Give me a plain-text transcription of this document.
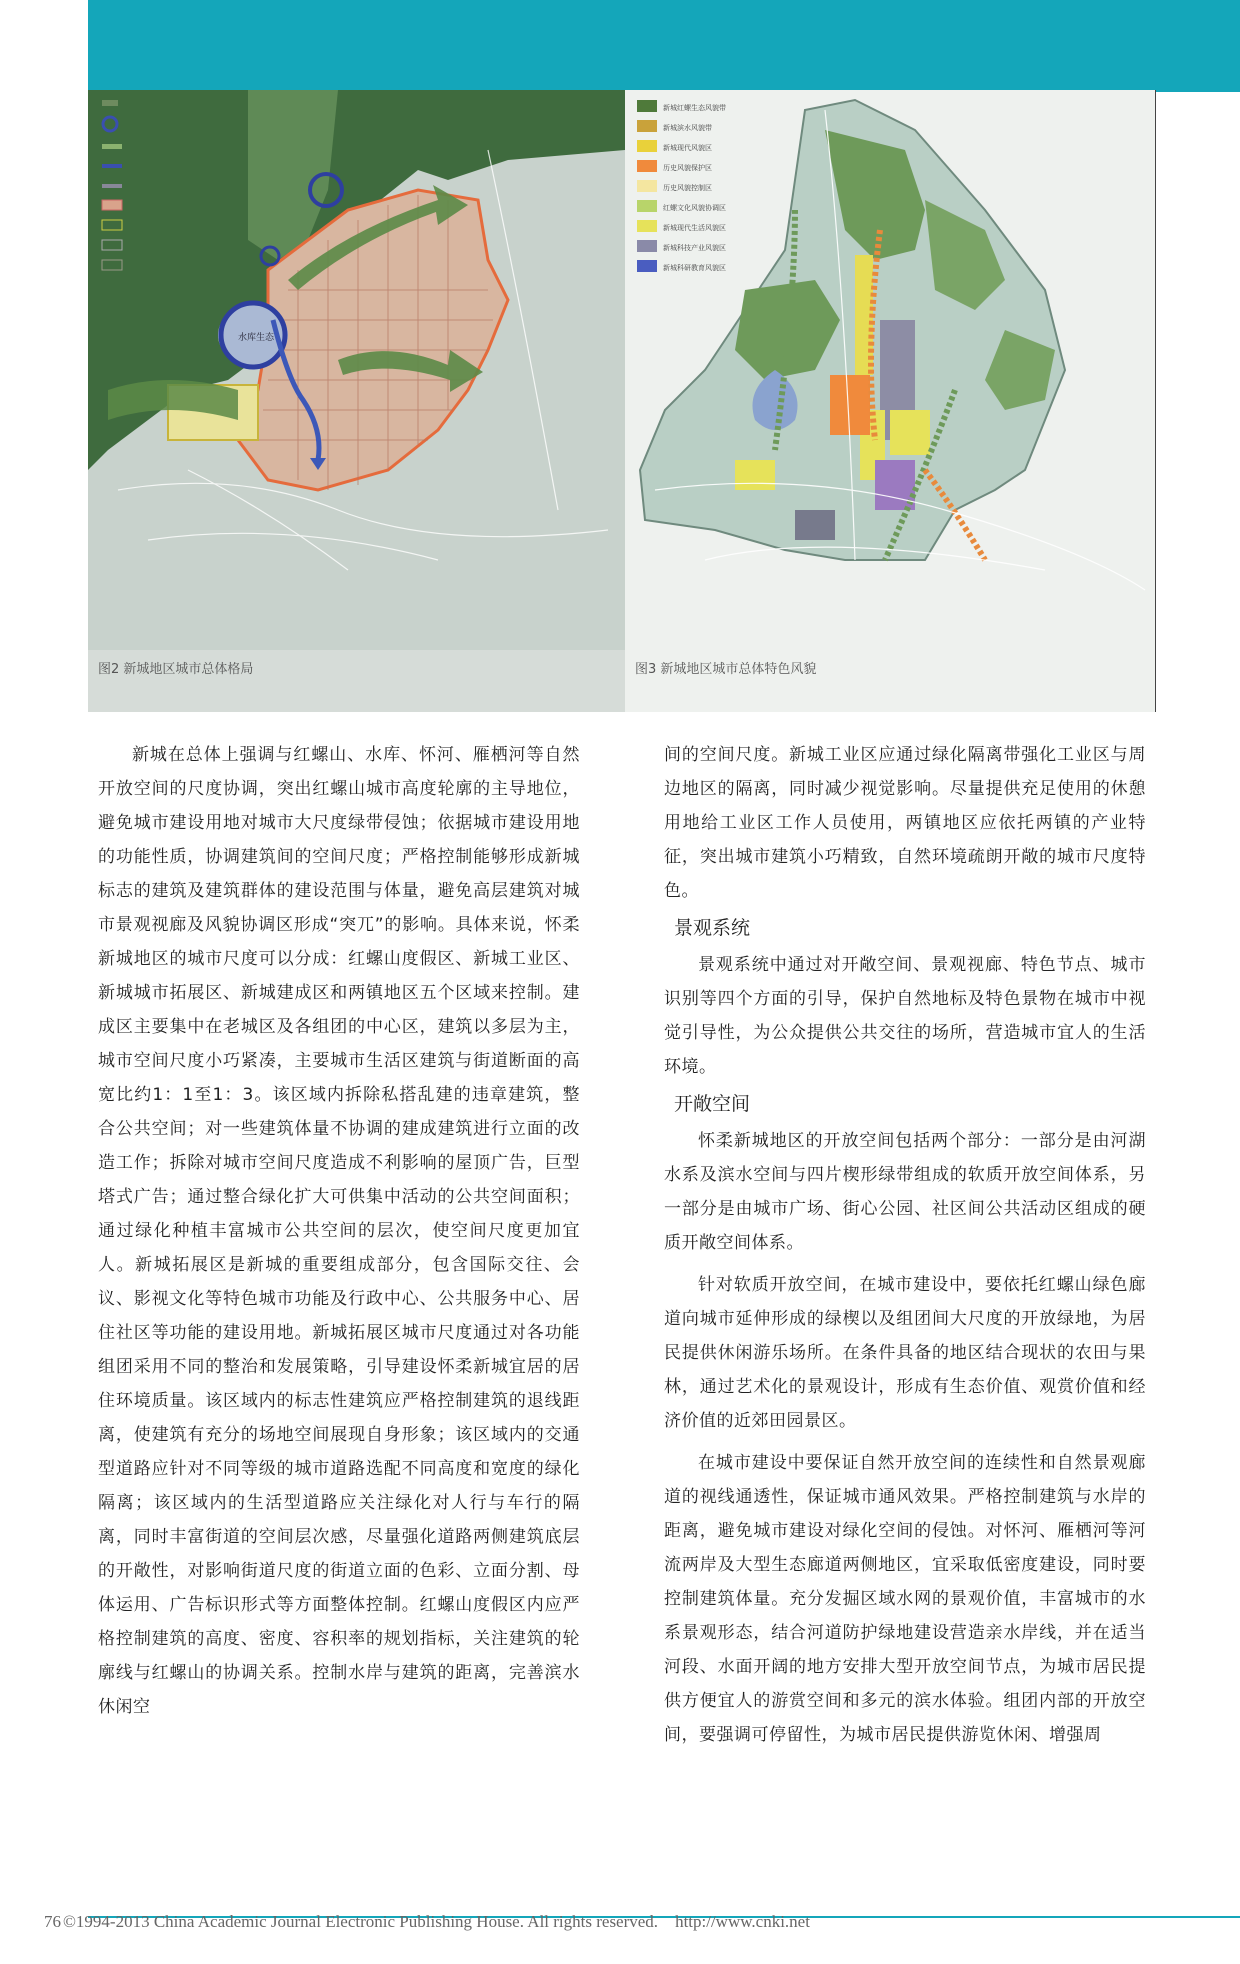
水库生态
图2 新城地区城市总体格局
新城红螺生态风貌带
新城滨水风貌带
新城现代风貌区
历史风貌保护区
历史风貌控制区
红螺文化风貌协调区
新城现代生活风貌区
新城科技产业风貌区
新城科研教育风貌区
图3 新城地区城市总体特色风貌

新城在总体上强调与红螺山、水库、怀河、雁栖河等自然开放空间的尺度协调，突出红螺山城市高度轮廓的主导地位，避免城市建设用地对城市大尺度绿带侵蚀；依据城市建设用地的功能性质，协调建筑间的空间尺度；严格控制能够形成新城标志的建筑及建筑群体的建设范围与体量，避免高层建筑对城市景观视廊及风貌协调区形成“突兀”的影响。具体来说，怀柔新城地区的城市尺度可以分成：红螺山度假区、新城工业区、新城城市拓展区、新城建成区和两镇地区五个区域来控制。建成区主要集中在老城区及各组团的中心区，建筑以多层为主，城市空间尺度小巧紧凑，主要城市生活区建筑与街道断面的高宽比约1：1至1：3。该区域内拆除私搭乱建的违章建筑，整合公共空间；对一些建筑体量不协调的建成建筑进行立面的改造工作；拆除对城市空间尺度造成不利影响的屋顶广告，巨型塔式广告；通过整合绿化扩大可供集中活动的公共空间面积；通过绿化种植丰富城市公共空间的层次，使空间尺度更加宜人。新城拓展区是新城的重要组成部分，包含国际交往、会议、影视文化等特色城市功能及行政中心、公共服务中心、居住社区等功能的建设用地。新城拓展区城市尺度通过对各功能组团采用不同的整治和发展策略，引导建设怀柔新城宜居的居住环境质量。该区域内的标志性建筑应严格控制建筑的退线距离，使建筑有充分的场地空间展现自身形象；该区域内的交通型道路应针对不同等级的城市道路选配不同高度和宽度的绿化隔离；该区域内的生活型道路应关注绿化对人行与车行的隔离，同时丰富街道的空间层次感，尽量强化道路两侧建筑底层的开敞性，对影响街道尺度的街道立面的色彩、立面分割、母体运用、广告标识形式等方面整体控制。红螺山度假区内应严格控制建筑的高度、密度、容积率的规划指标，关注建筑的轮廓线与红螺山的协调关系。控制水岸与建筑的距离，完善滨水休闲空

间的空间尺度。新城工业区应通过绿化隔离带强化工业区与周边地区的隔离，同时减少视觉影响。尽量提供充足使用的休憩用地给工业区工作人员使用，两镇地区应依托两镇的产业特征，突出城市建筑小巧精致，自然环境疏朗开敞的城市尺度特色。

景观系统

景观系统中通过对开敞空间、景观视廊、特色节点、城市识别等四个方面的引导，保护自然地标及特色景物在城市中视觉引导性，为公众提供公共交往的场所，营造城市宜人的生活环境。

开敞空间

怀柔新城地区的开放空间包括两个部分：一部分是由河湖水系及滨水空间与四片楔形绿带组成的软质开放空间体系，另一部分是由城市广场、街心公园、社区间公共活动区组成的硬质开敞空间体系。

针对软质开放空间，在城市建设中，要依托红螺山绿色廊道向城市延伸形成的绿楔以及组团间大尺度的开放绿地，为居民提供休闲游乐场所。在条件具备的地区结合现状的农田与果林，通过艺术化的景观设计，形成有生态价值、观赏价值和经济价值的近郊田园景区。

在城市建设中要保证自然开放空间的连续性和自然景观廊道的视线通透性，保证城市通风效果。严格控制建筑与水岸的距离，避免城市建设对绿化空间的侵蚀。对怀河、雁栖河等河流两岸及大型生态廊道两侧地区，宜采取低密度建设，同时要控制建筑体量。充分发掘区域水网的景观价值，丰富城市的水系景观形态，结合河道防护绿地建设营造亲水岸线，并在适当河段、水面开阔的地方安排大型开放空间节点，为城市居民提供方便宜人的游赏空间和多元的滨水体验。组团内部的开放空间，要强调可停留性，为城市居民提供游览休闲、增强周

76 ©1994-2013 China Academic Journal Electronic Publishing House. All rights reserved. http://www.cnki.net
